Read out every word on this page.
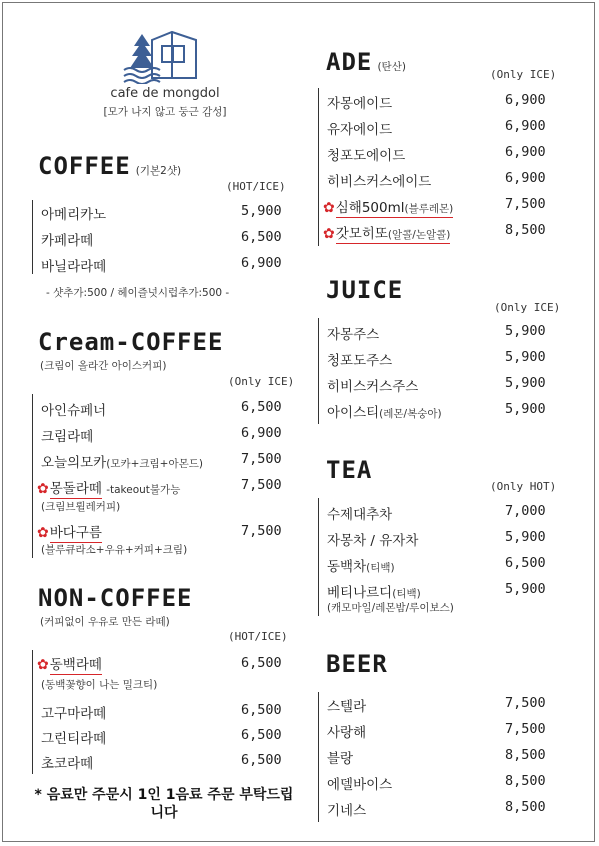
cafe de mongdol
[모가 나지 않고 둥근 감성]
COFFEE (기본2샷)
(HOT/ICE)
아메리카노	5,900
카페라떼	6,500
바닐라라떼	6,900
- 샷추가:500 / 헤이즐넛시럽추가:500 -
Cream-COFFEE
(크림이 올라간 아이스커피)
(Only ICE)
아인슈페너	6,500
크림라떼	6,900
오늘의모카(모카+크림+아몬드)	7,500
✿몽돌라떼 -takeout불가능	7,500
(크림브륄레커피)
✿바다구름	7,500
(블루큐라소+우유+커피+크림)
NON-COFFEE
(커피없이 우유로 만든 라떼)
(HOT/ICE)
✿동백라떼	6,500
(동백꽃향이 나는 밀크티)
고구마라떼	6,500
그린티라떼	6,500
초코라떼	6,500
* 음료만 주문시 1인 1음료 주문 부탁드립니다
ADE (탄산)
(Only ICE)
자몽에이드	6,900
유자에이드	6,900
청포도에이드	6,900
히비스커스에이드	6,900
✿심해500ml(블루레몬)	7,500
✿갓모히또(알콜/논알콜)	8,500
JUICE
(Only ICE)
자몽주스	5,900
청포도주스	5,900
히비스커스주스	5,900
아이스티(레몬/복숭아)	5,900
TEA
(Only HOT)
수제대추차	7,000
자몽차 / 유자차	5,900
동백차(티백)	6,500
베티나르디(티백)	5,900
(캐모마일/레몬밤/루이보스)
BEER
스텔라	7,500
사랑해	7,500
블랑	8,500
에델바이스	8,500
기네스	8,500
